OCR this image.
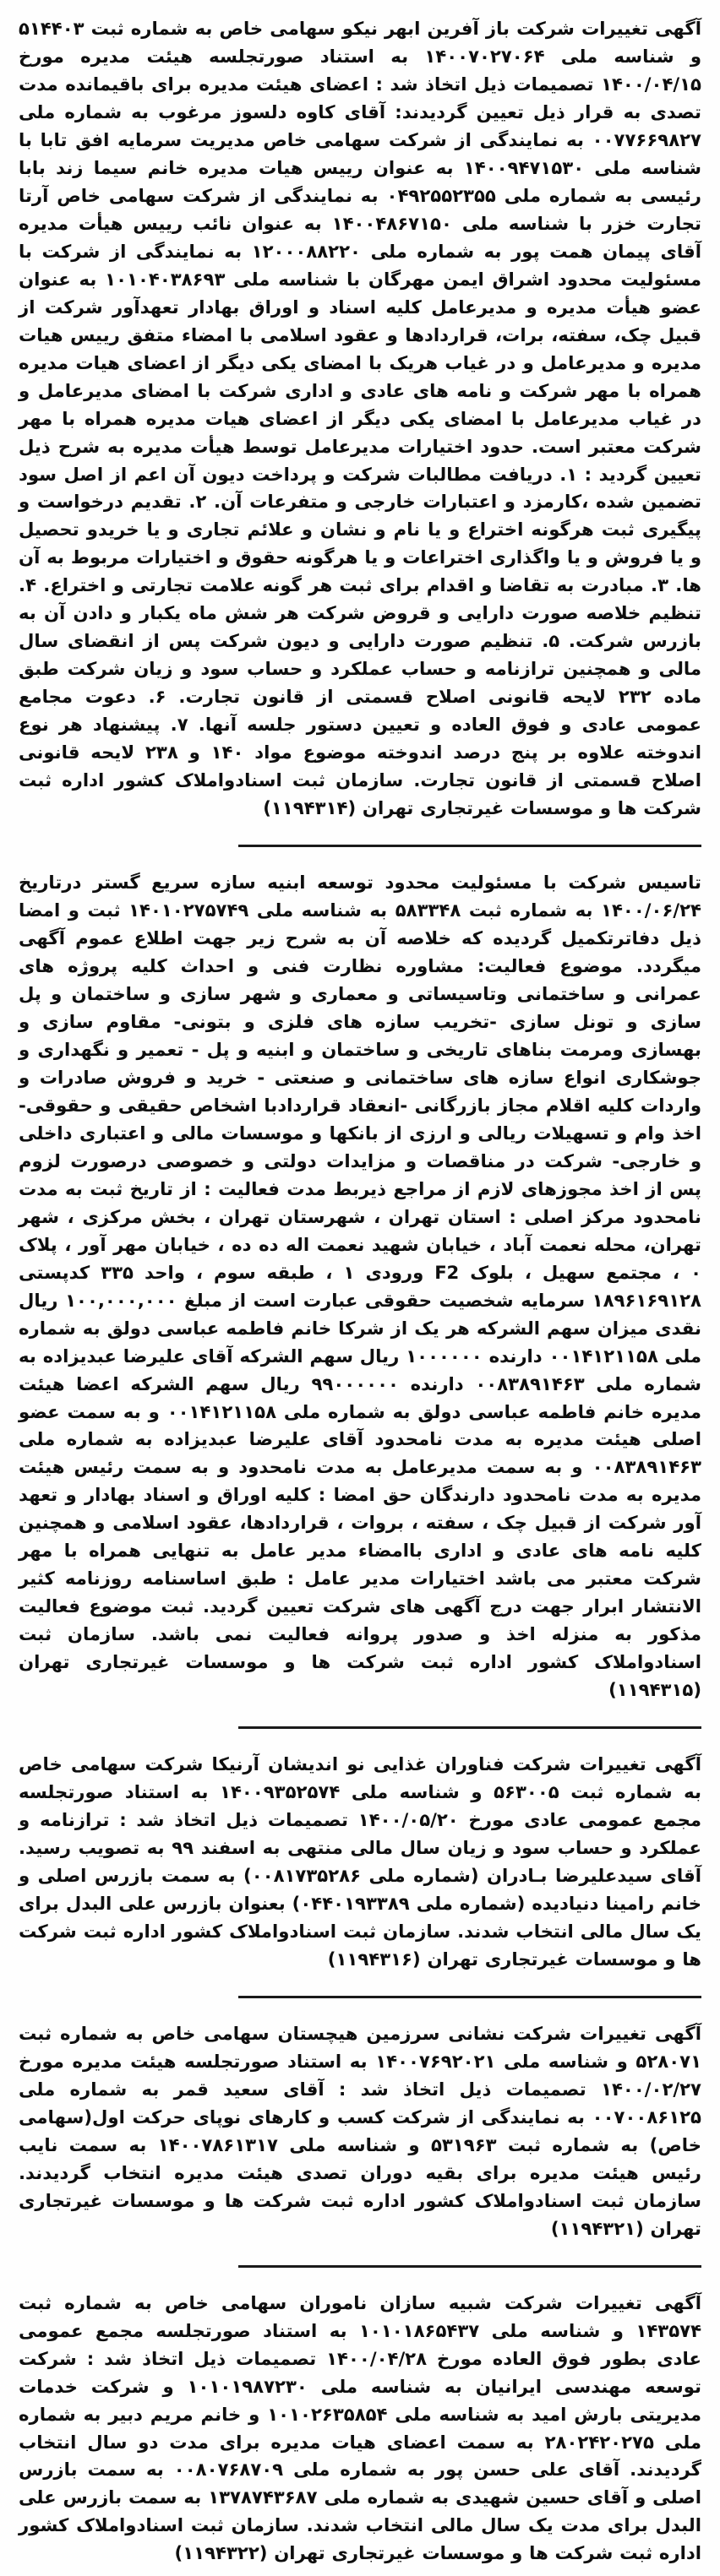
آگهی تغییرات شرکت باز آفرین ابهر نیکو سهامی خاص به شماره ثبت ۵۱۴۴۰۳ و شناسه ملی ۱۴۰۰۷۰۲۷۰۶۴ به استناد صورتجلسه هیئت مدیره مورخ ۱۴۰۰/۰۴/۱۵ تصمیمات ذیل اتخاذ شد : اعضای هیئت مدیره برای باقیمانده مدت تصدی به قرار ذیل تعیین گردیدند: آقای کاوه دلسوز مرغوب به شماره ملی ۰۰۷۷۶۶۹۸۲۷ به نمایندگی از شرکت سهامی خاص مدیریت سرمایه افق تابا با شناسه ملی ۱۴۰۰۹۴۷۱۵۳۰ به عنوان رییس هیات مدیره خانم سیما زند بابا رئیسی به شماره ملی ۰۴۹۲۵۵۲۳۵۵ به نمایندگی از شرکت سهامی خاص آرتا تجارت خزر با شناسه ملی ۱۴۰۰۴۸۶۷۱۵۰ به عنوان نائب رییس هیأت مدیره آقای پیمان همت پور به شماره ملی ۱۲۰۰۰۸۸۲۲۰ به نمایندگی از شرکت با مسئولیت محدود اشراق ایمن مهرگان با شناسه ملی ۱۰۱۰۴۰۳۸۶۹۳ به عنوان عضو هیأت مدیره و مدیرعامل کلیه اسناد و اوراق بهادار تعهدآور شرکت از قبیل چک، سفته، برات، قراردادها و عقود اسلامی با امضاء متفق رییس هیات مدیره و مدیرعامل و در غیاب هریک با امضای یکی دیگر از اعضای هیات مدیره همراه با مهر شرکت و نامه های عادی و اداری شرکت با امضای مدیرعامل و در غیاب مدیرعامل با امضای یکی دیگر از اعضای هیات مدیره همراه با مهر شرکت معتبر است. حدود اختیارات مدیرعامل توسط هیأت مدیره به شرح ذیل تعیین گردید : ۱. دریافت مطالبات شرکت و پرداخت دیون آن اعم از اصل سود تضمین شده ،کارمزد و اعتبارات خارجی و متفرعات آن. ۲. تقدیم درخواست و پیگیری ثبت هرگونه اختراع و یا نام و نشان و علائم تجاری و یا خریدو تحصیل و یا فروش و یا واگذاری اختراعات و یا هرگونه حقوق و اختیارات مربوط به آن ها. ۳. مبادرت به تقاضا و اقدام برای ثبت هر گونه علامت تجارتی و اختراع. ۴. تنظیم خلاصه صورت دارایی و قروض شرکت هر شش ماه یکبار و دادن آن به بازرس شرکت. ۵. تنظیم صورت دارایی و دیون شرکت پس از انقضای سال مالی و همچنین ترازنامه و حساب عملکرد و حساب سود و زیان شرکت طبق ماده ۲۳۲ لایحه قانونی اصلاح قسمتی از قانون تجارت. ۶. دعوت مجامع عمومی عادی و فوق العاده و تعیین دستور جلسه آنها. ۷. پیشنهاد هر نوع اندوخته علاوه بر پنج درصد اندوخته موضوع مواد ۱۴۰ و ۲۳۸ لایحه قانونی اصلاح قسمتی از قانون تجارت. سازمان ثبت اسنادواملاک کشور اداره ثبت شرکت ها و موسسات غیرتجاری تهران (۱۱۹۴۳۱۴)

تاسیس شرکت با مسئولیت محدود توسعه ابنیه سازه سریع گستر درتاریخ ۱۴۰۰/۰۶/۲۴ به شماره ثبت ۵۸۳۳۴۸ به شناسه ملی ۱۴۰۱۰۲۷۵۷۴۹ ثبت و امضا ذیل دفاترتکمیل گردیده که خلاصه آن به شرح زیر جهت اطلاع عموم آگهی میگردد. موضوع فعالیت: مشاوره نظارت فنی و احداث کلیه پروژه های عمرانی و ساختمانی وتاسیساتی و معماری و شهر سازی و ساختمان و پل سازی و تونل سازی -تخریب سازه های فلزی و بتونی- مقاوم سازی و بهسازی ومرمت بناهای تاریخی و ساختمان و ابنیه و پل - تعمیر و نگهداری و جوشکاری انواع سازه های ساختمانی و صنعتی - خرید و فروش صادرات و واردات کلیه اقلام مجاز بازرگانی -انعقاد قراردادبا اشخاص حقیقی و حقوقی- اخذ وام و تسهیلات ریالی و ارزی از بانکها و موسسات مالی و اعتباری داخلی و خارجی- شرکت در مناقصات و مزایدات دولتی و خصوصی درصورت لزوم پس از اخذ مجوزهای لازم از مراجع ذیربط مدت فعالیت : از تاریخ ثبت به مدت نامحدود مرکز اصلی : استان تهران ، شهرستان تهران ، بخش مرکزی ، شهر تهران، محله نعمت آباد ، خیابان شهید نعمت اله ده ده ، خیابان مهر آور ، پلاک ۰ ، مجتمع سهیل ، بلوک F2 ورودی ۱ ، طبقه سوم ، واحد ۳۳۵ کدپستی ۱۸۹۶۱۶۹۱۲۸ سرمایه شخصیت حقوقی عبارت است از مبلغ ۱۰۰,۰۰۰,۰۰۰ ریال نقدی میزان سهم الشرکه هر یک از شرکا خانم فاطمه عباسی دولق به شماره ملی ۰۰۱۴۱۲۱۱۵۸ دارنده ۱۰۰۰۰۰۰ ریال سهم الشرکه آقای علیرضا عبدیزاده به شماره ملی ۰۰۸۳۸۹۱۴۶۳ دارنده ۹۹۰۰۰۰۰۰ ریال سهم الشرکه اعضا هیئت مدیره خانم فاطمه عباسی دولق به شماره ملی ۰۰۱۴۱۲۱۱۵۸ و به سمت عضو اصلی هیئت مدیره به مدت نامحدود آقای علیرضا عبدیزاده به شماره ملی ۰۰۸۳۸۹۱۴۶۳ و به سمت مدیرعامل به مدت نامحدود و به سمت رئیس هیئت مدیره به مدت نامحدود دارندگان حق امضا : کلیه اوراق و اسناد بهادار و تعهد آور شرکت از قبیل چک ، سفته ، بروات ، قراردادها، عقود اسلامی و همچنین کلیه نامه های عادی و اداری باامضاء مدیر عامل به تنهایی همراه با مهر شرکت معتبر می باشد اختیارات مدیر عامل : طبق اساسنامه روزنامه کثیر الانتشار ابرار جهت درج آگهی های شرکت تعیین گردید. ثبت موضوع فعالیت مذکور به منزله اخذ و صدور پروانه فعالیت نمی باشد. سازمان ثبت اسنادواملاک کشور اداره ثبت شرکت ها و موسسات غیرتجاری تهران (۱۱۹۴۳۱۵)

آگهی تغییرات شرکت فناوران غذایی نو اندیشان آرنیکا شرکت سهامی خاص به شماره ثبت ۵۶۳۰۰۵ و شناسه ملی ۱۴۰۰۹۳۵۲۵۷۴ به استناد صورتجلسه مجمع عمومی عادی مورخ ۱۴۰۰/۰۵/۲۰ تصمیمات ذیل اتخاذ شد : ترازنامه و عملکرد و حساب سود و زیان سال مالی منتهی به اسفند ۹۹ به تصویب رسید. آقای سیدعلیرضا بـادران (شماره ملی ۰۰۸۱۷۳۵۲۸۶) به سمت بازرس اصلی و خانم رامینا دنیادیده (شماره ملی ۰۴۴۰۱۹۳۳۸۹) بعنوان بازرس علی البدل برای یک سال مالی انتخاب شدند. سازمان ثبت اسنادواملاک کشور اداره ثبت شرکت ها و موسسات غیرتجاری تهران (۱۱۹۴۳۱۶)

آگهی تغییرات شرکت نشانی سرزمین هیچستان سهامی خاص به شماره ثبت ۵۲۸۰۷۱ و شناسه ملی ۱۴۰۰۷۶۹۲۰۲۱ به استناد صورتجلسه هیئت مدیره مورخ ۱۴۰۰/۰۲/۲۷ تصمیمات ذیل اتخاذ شد : آقای سعید قمر به شماره ملی ۰۰۷۰۰۸۶۱۲۵ به نمایندگی از شرکت کسب و کارهای نوپای حرکت اول(سهامی خاص) به شماره ثبت ۵۳۱۹۶۳ و شناسه ملی ۱۴۰۰۷۸۶۱۳۱۷ به سمت نایب رئیس هیئت مدیره برای بقیه دوران تصدی هیئت مدیره انتخاب گردیدند. سازمان ثبت اسنادواملاک کشور اداره ثبت شرکت ها و موسسات غیرتجاری تهران (۱۱۹۴۳۲۱)

آگهی تغییرات شرکت شبیه سازان ناموران سهامی خاص به شماره ثبت ۱۴۳۵۷۴ و شناسه ملی ۱۰۱۰۱۸۶۵۴۳۷ به استناد صورتجلسه مجمع عمومی عادی بطور فوق العاده مورخ ۱۴۰۰/۰۴/۲۸ تصمیمات ذیل اتخاذ شد : شرکت توسعه مهندسی ایرانیان به شناسه ملی ۱۰۱۰۱۹۸۷۲۳۰ و شرکت خدمات مدیریتی بارش امید به شناسه ملی ۱۰۱۰۲۶۳۵۸۵۴ و خانم مریم دبیر به شماره ملی ۲۸۰۲۴۲۰۲۷۵ به سمت اعضای هیات مدیره برای مدت دو سال انتخاب گردیدند. آقای علی حسن پور به شماره ملی ۰۰۸۰۷۶۸۷۰۹ به سمت بازرس اصلی و آقای حسین شهیدی به شماره ملی ۱۳۷۸۷۴۳۶۸۷ به سمت بازرس علی البدل برای مدت یک سال مالی انتخاب شدند. سازمان ثبت اسنادواملاک کشور اداره ثبت شرکت ها و موسسات غیرتجاری تهران (۱۱۹۴۳۲۲)
